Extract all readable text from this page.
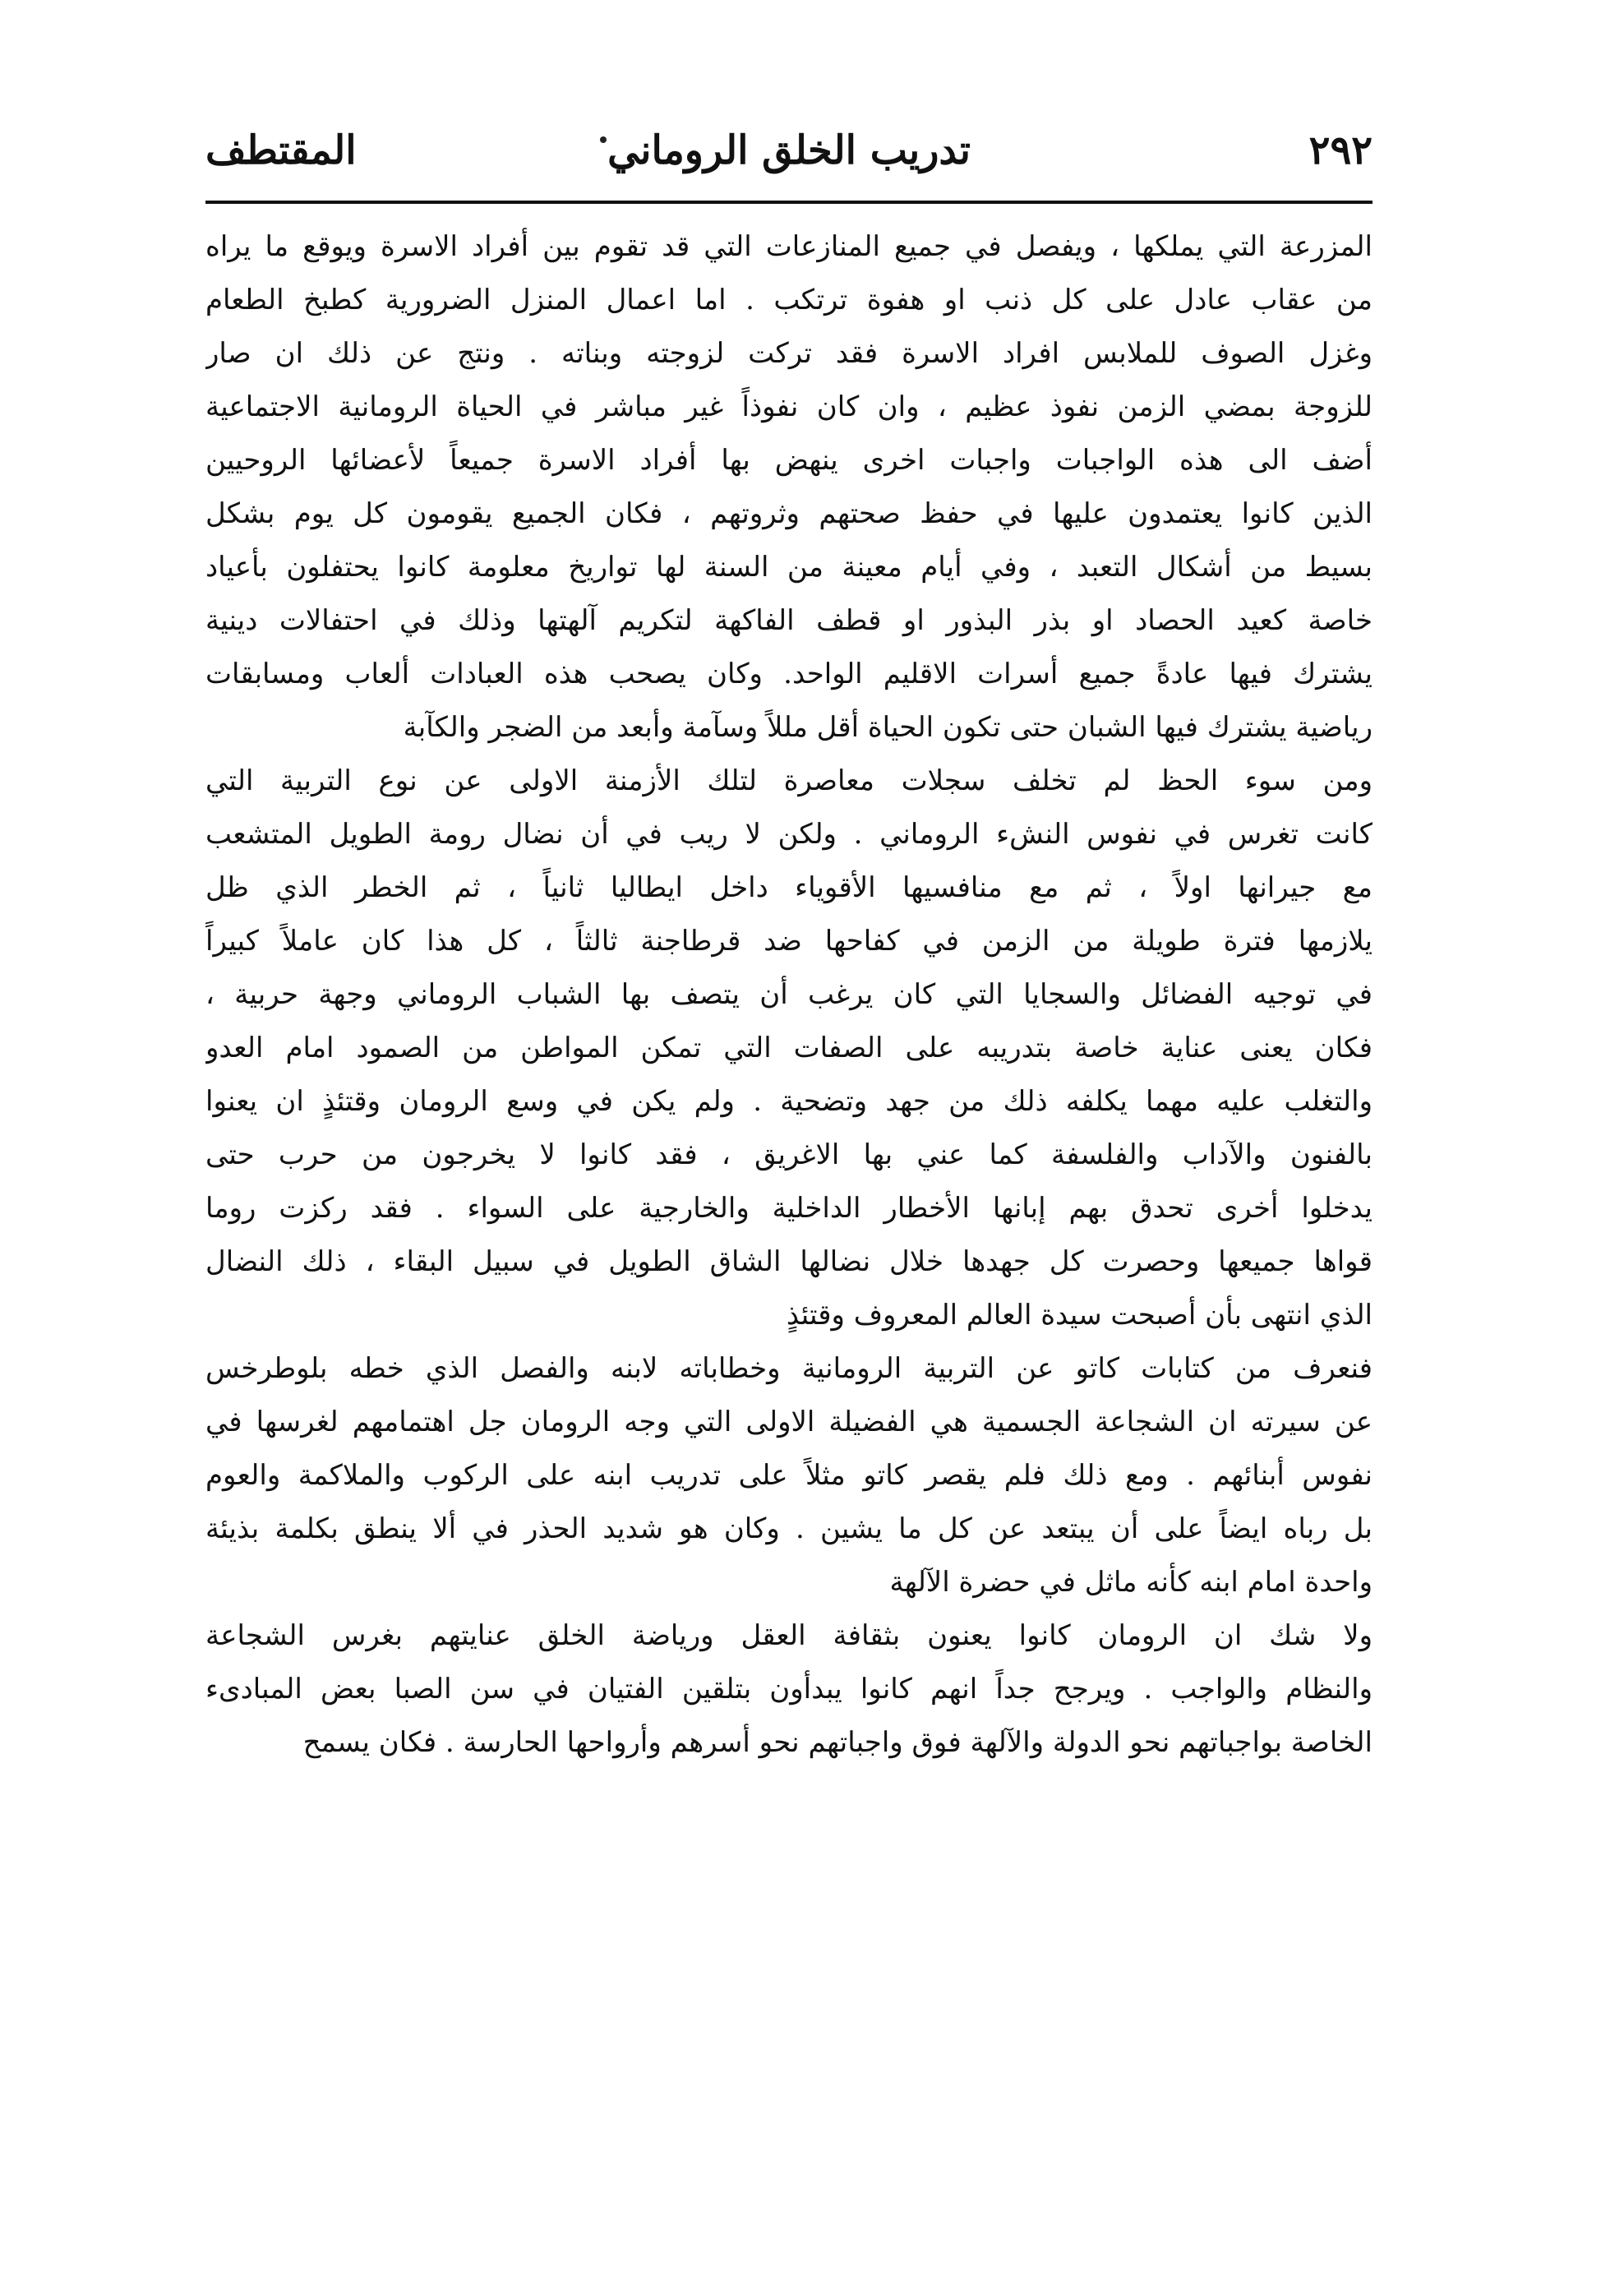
٢٩٢
تدريب الخلق الروماني
المقتطف
المزرعة التي يملكها ، ويفصل في جميع المنازعات التي قد تقوم بين أفراد الاسرة ويوقع ما يراه
من عقاب عادل على كل ذنب او هفوة ترتكب . اما اعمال المنزل الضرورية كطبخ الطعام
وغزل الصوف للملابس افراد الاسرة فقد تركت لزوجته وبناته . ونتج عن ذلك ان صار
للزوجة بمضي الزمن نفوذ عظيم ، وان كان نفوذاً غير مباشر في الحياة الرومانية الاجتماعية
أضف الى هذه الواجبات واجبات اخرى ينهض بها أفراد الاسرة جميعاً لأعضائها الروحيين
الذين كانوا يعتمدون عليها في حفظ صحتهم وثروتهم ، فكان الجميع يقومون كل يوم بشكل
بسيط من أشكال التعبد ، وفي أيام معينة من السنة لها تواريخ معلومة كانوا يحتفلون بأعياد
خاصة كعيد الحصاد او بذر البذور او قطف الفاكهة لتكريم آلهتها وذلك في احتفالات دينية
يشترك فيها عادةً جميع أسرات الاقليم الواحد. وكان يصحب هذه العبادات ألعاب ومسابقات
رياضية يشترك فيها الشبان حتى تكون الحياة أقل مللاً وسآمة وأبعد من الضجر والكآبة
ومن سوء الحظ لم تخلف سجلات معاصرة لتلك الأزمنة الاولى عن نوع التربية التي
كانت تغرس في نفوس النشء الروماني . ولكن لا ريب في أن نضال رومة الطويل المتشعب
مع جيرانها اولاً ، ثم مع منافسيها الأقوياء داخل ايطاليا ثانياً ، ثم الخطر الذي ظل
يلازمها فترة طويلة من الزمن في كفاحها ضد قرطاجنة ثالثاً ، كل هذا كان عاملاً كبيراً
في توجيه الفضائل والسجايا التي كان يرغب أن يتصف بها الشباب الروماني وجهة حربية ،
فكان يعنى عناية خاصة بتدريبه على الصفات التي تمكن المواطن من الصمود امام العدو
والتغلب عليه مهما يكلفه ذلك من جهد وتضحية . ولم يكن في وسع الرومان وقتئذٍ ان يعنوا
بالفنون والآداب والفلسفة كما عني بها الاغريق ، فقد كانوا لا يخرجون من حرب حتى
يدخلوا أخرى تحدق بهم إبانها الأخطار الداخلية والخارجية على السواء . فقد ركزت روما
قواها جميعها وحصرت كل جهدها خلال نضالها الشاق الطويل في سبيل البقاء ، ذلك النضال
الذي انتهى بأن أصبحت سيدة العالم المعروف وقتئذٍ
فنعرف من كتابات كاتو عن التربية الرومانية وخطاباته لابنه والفصل الذي خطه بلوطرخس
عن سيرته ان الشجاعة الجسمية هي الفضيلة الاولى التي وجه الرومان جل اهتمامهم لغرسها في
نفوس أبنائهم . ومع ذلك فلم يقصر كاتو مثلاً على تدريب ابنه على الركوب والملاكمة والعوم
بل رباه ايضاً على أن يبتعد عن كل ما يشين . وكان هو شديد الحذر في ألا ينطق بكلمة بذيئة
واحدة امام ابنه كأنه ماثل في حضرة الآلهة
ولا شك ان الرومان كانوا يعنون بثقافة العقل ورياضة الخلق عنايتهم بغرس الشجاعة
والنظام والواجب . ويرجح جداً انهم كانوا يبدأون بتلقين الفتيان في سن الصبا بعض المبادىء
الخاصة بواجباتهم نحو الدولة والآلهة فوق واجباتهم نحو أسرهم وأرواحها الحارسة . فكان يسمح
